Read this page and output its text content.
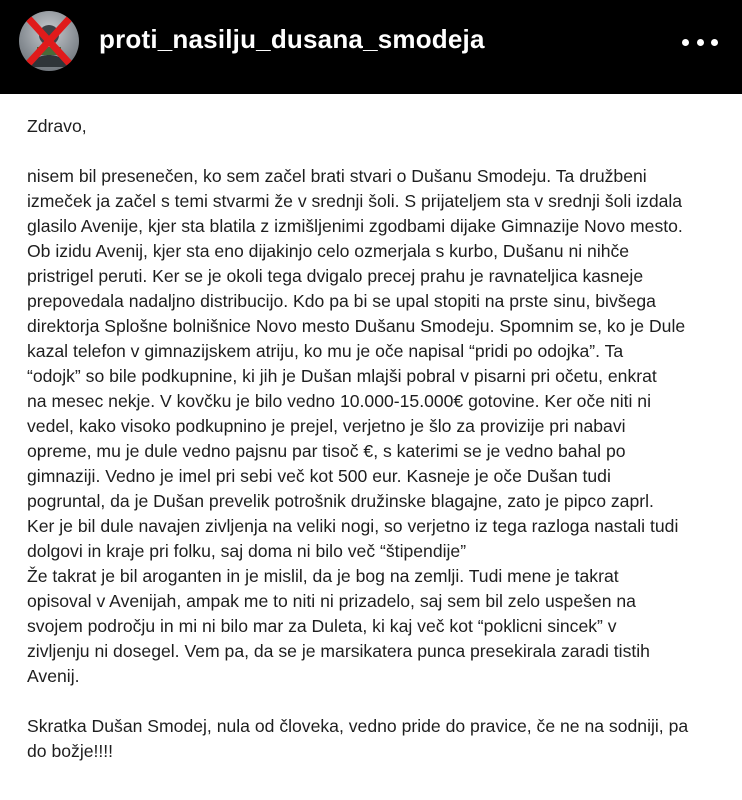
proti_nasilju_dusana_smodeja
Zdravo,
nisem bil presenečen, ko sem začel brati stvari o Dušanu Smodeju. Ta družbeni
izmeček ja začel s temi stvarmi že v srednji šoli. S prijateljem sta v srednji šoli izdala
glasilo Avenije, kjer sta blatila z izmišljenimi zgodbami dijake Gimnazije Novo mesto.
Ob izidu Avenij, kjer sta eno dijakinjo celo ozmerjala s kurbo, Dušanu ni nihče
pristrigel peruti. Ker se je okoli tega dvigalo precej prahu je ravnateljica kasneje
prepovedala nadaljno distribucijo. Kdo pa bi se upal stopiti na prste sinu, bivšega
direktorja Splošne bolnišnice Novo mesto Dušanu Smodeju. Spomnim se, ko je Dule
kazal telefon v gimnazijskem atriju, ko mu je oče napisal “pridi po odojka”. Ta
“odojk” so bile podkupnine, ki jih je Dušan mlajši pobral v pisarni pri očetu, enkrat
na mesec nekje. V kovčku je bilo vedno 10.000-15.000€ gotovine. Ker oče niti ni
vedel, kako visoko podkupnino je prejel, verjetno je šlo za provizije pri nabavi
opreme, mu je dule vedno pajsnu par tisoč €, s katerimi se je vedno bahal po
gimnaziji. Vedno je imel pri sebi več kot 500 eur. Kasneje je oče Dušan tudi
pogruntal, da je Dušan prevelik potrošnik družinske blagajne, zato je pipco zaprl.
Ker je bil dule navajen zivljenja na veliki nogi, so verjetno iz tega razloga nastali tudi
dolgovi in kraje pri folku, saj doma ni bilo več “štipendije”
Že takrat je bil aroganten in je mislil, da je bog na zemlji. Tudi mene je takrat
opisoval v Avenijah, ampak me to niti ni prizadelo, saj sem bil zelo uspešen na
svojem področju in mi ni bilo mar za Duleta, ki kaj več kot “poklicni sincek” v
zivljenju ni dosegel. Vem pa, da se je marsikatera punca presekirala zaradi tistih
Avenij.
Skratka Dušan Smodej, nula od človeka, vedno pride do pravice, če ne na sodniji, pa
do božje!!!!
